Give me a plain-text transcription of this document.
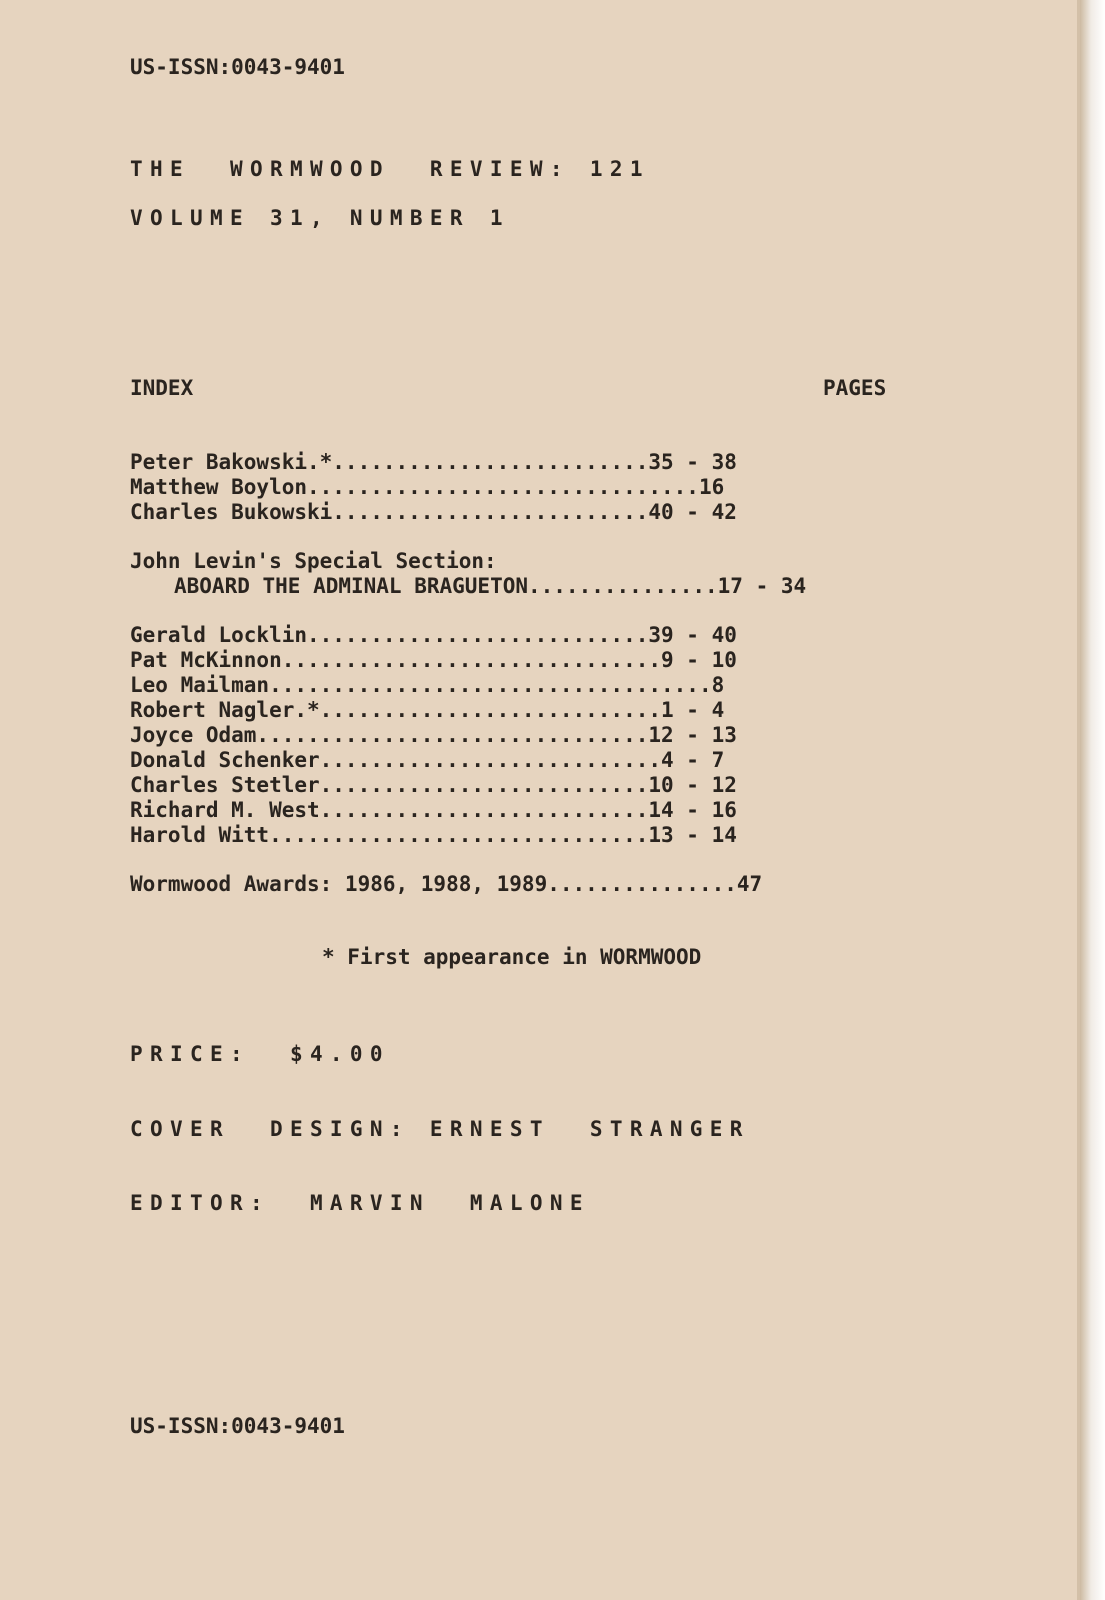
US-ISSN:0043-9401

THE  WORMWOOD  REVIEW: 121

VOLUME 31, NUMBER 1

INDEX	PAGES

Peter Bakowski.*.........................35 - 38
Matthew Boylon...............................16
Charles Bukowski.........................40 - 42
John Levin's Special Section:
ABOARD THE ADMINAL BRAGUETON...............17 - 34
Gerald Locklin...........................39 - 40
Pat McKinnon..............................9 - 10
Leo Mailman...................................8
Robert Nagler.*...........................1 - 4
Joyce Odam...............................12 - 13
Donald Schenker...........................4 - 7
Charles Stetler..........................10 - 12
Richard M. West..........................14 - 16
Harold Witt..............................13 - 14
Wormwood Awards: 1986, 1988, 1989...............47

* First appearance in WORMWOOD

PRICE:  $4.00

COVER  DESIGN: ERNEST  STRANGER

EDITOR:  MARVIN  MALONE

US-ISSN:0043-9401
